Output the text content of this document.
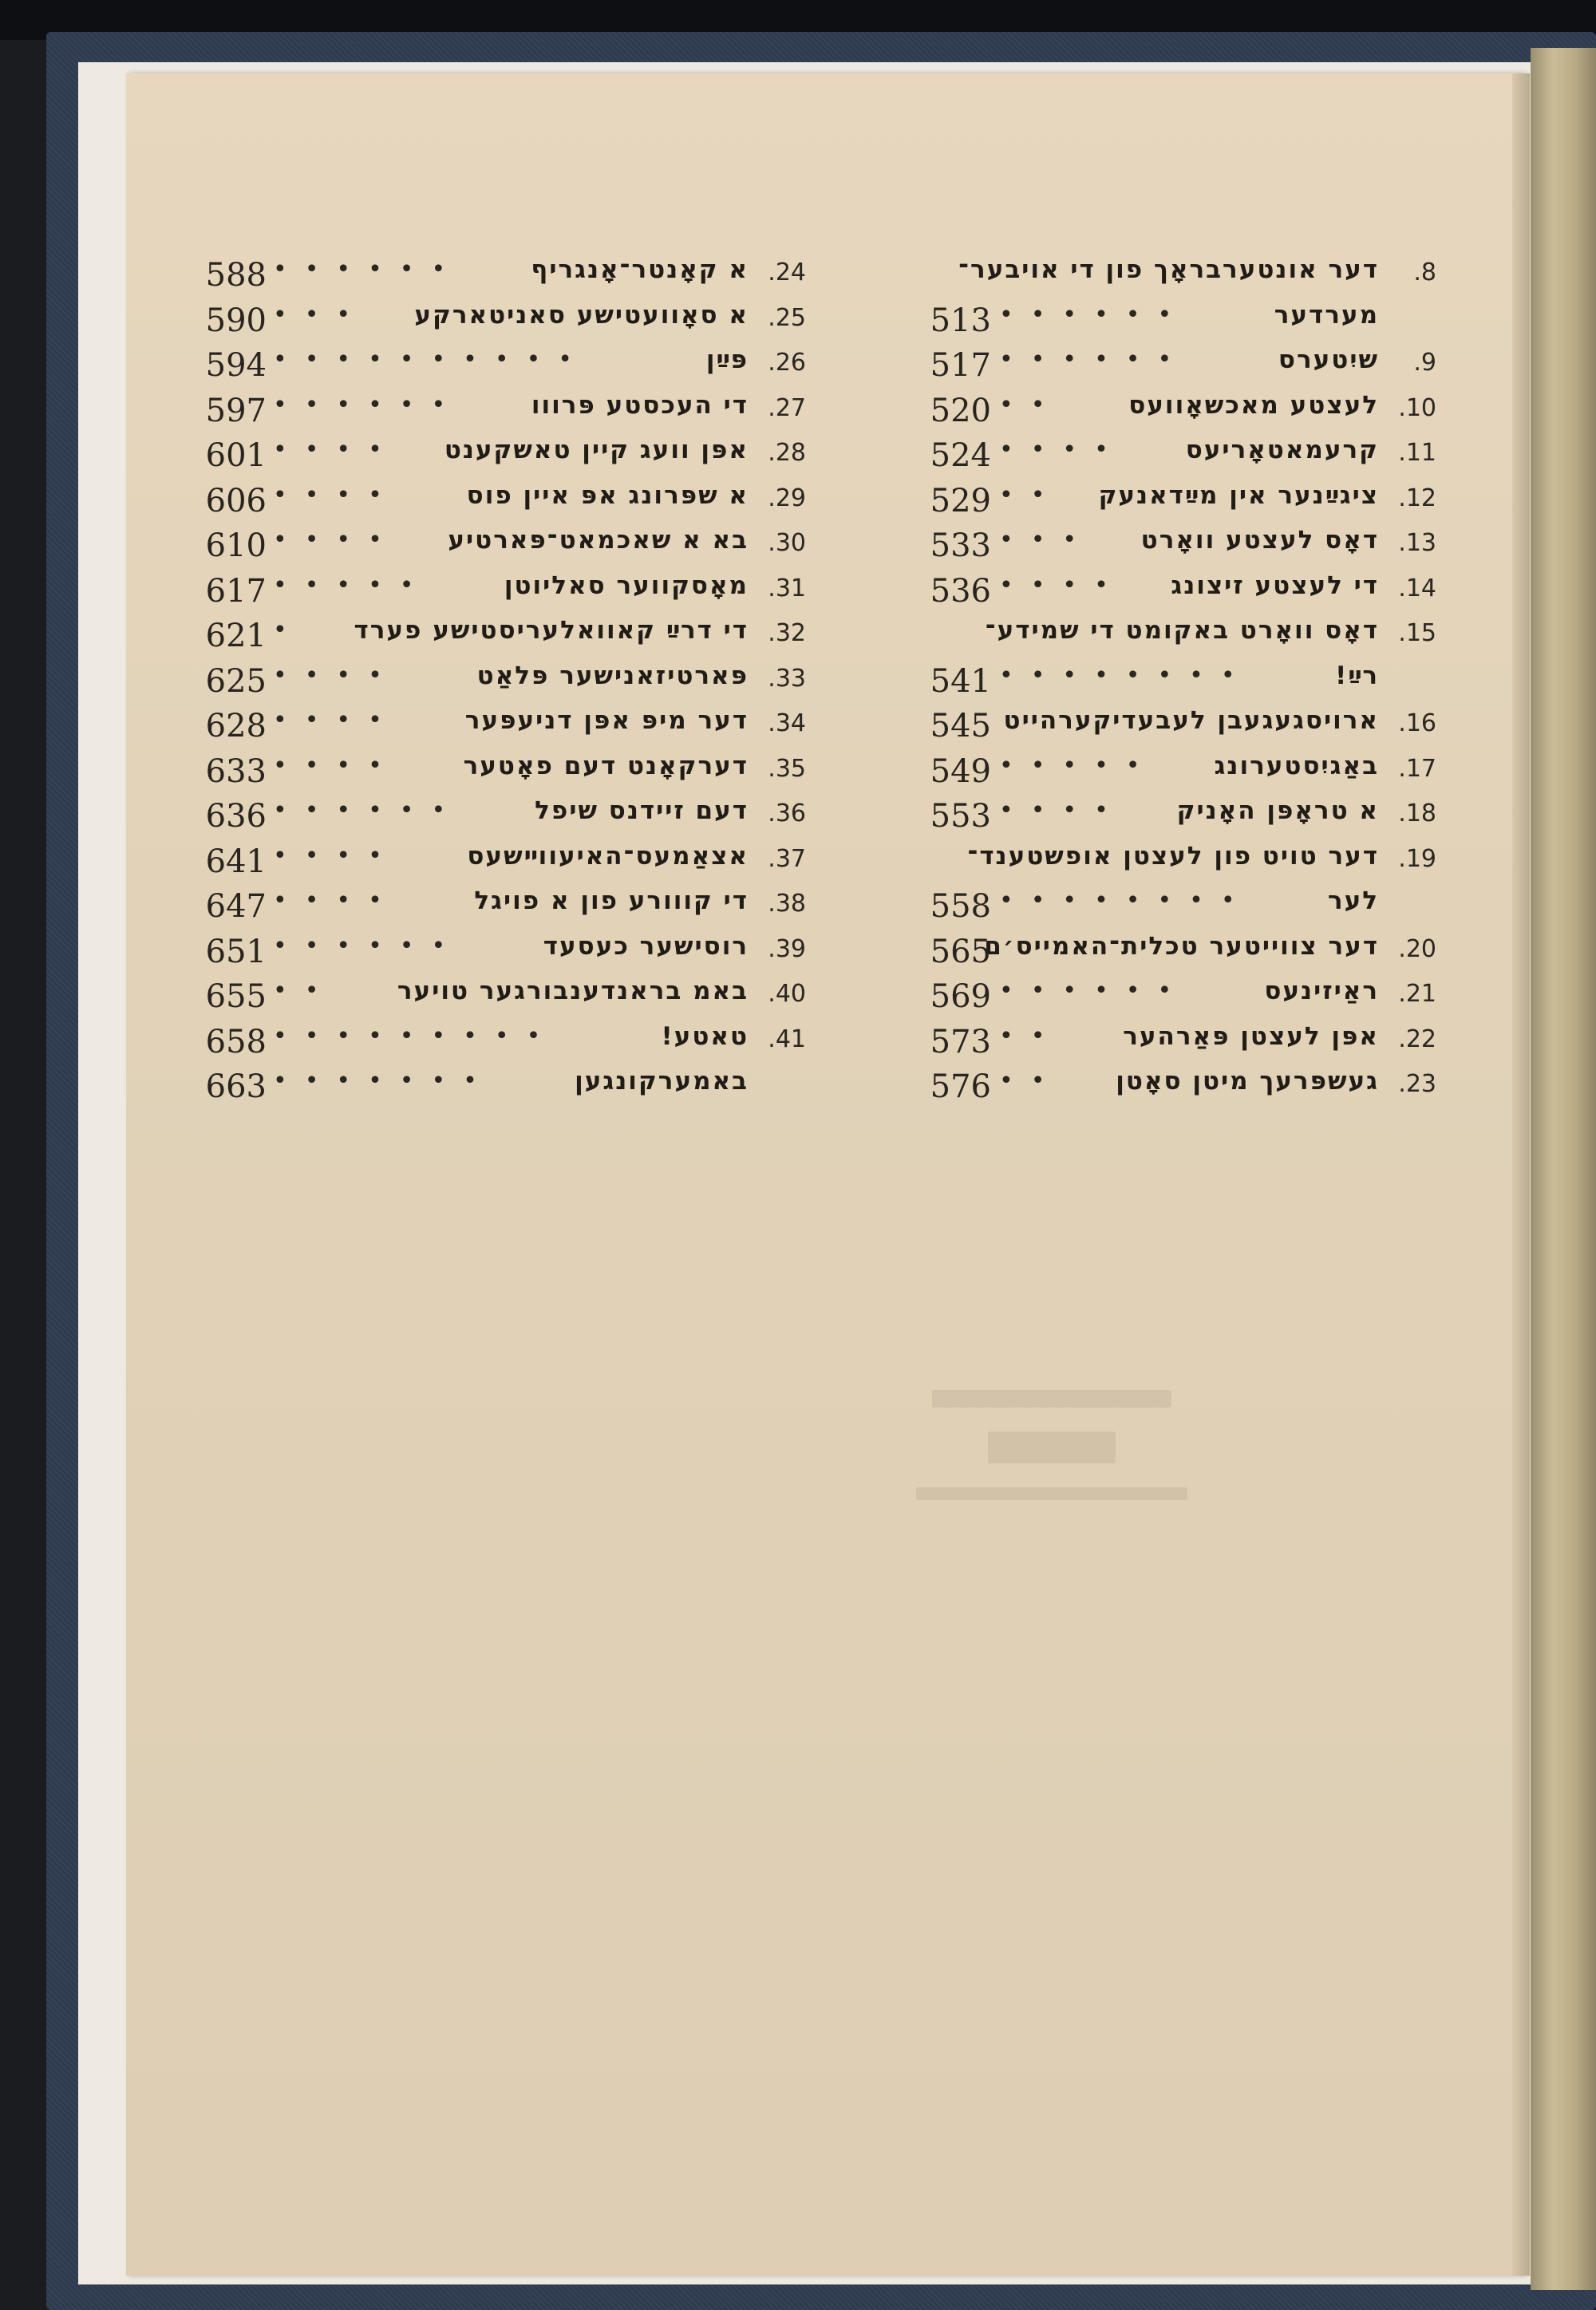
.8
דער אונטערבראָך פון די אויבער־
מערדער
513 ••••••
.9
שיִטערס
517 ••••••
.10
לעצטע מאכשאָוועס
520 ••
.11
קרעמאטאָריעס
524 ••••
.12
ציגײַנער אין מײַדאנעק
529 ••
.13
דאָס לעצטע וואָרט
533 •••
.14
די לעצטע זיצונג
536 ••••
.15
דאָס וואָרט באקומט די שמידע־
רײַ!
541 ••••••••
.16
ארויסגעגעבן לעבעדיקערהייט
545
.17
באַגיִסטערונג
549 •••••
.18
א טראָפּן האָניק
553 ••••
.19
דער טויט פון לעצטן אופשטענד־
לער
558 ••••••••
.20
דער צווייטער טכלית־האמייס׳ם
565
.21
ראַיזינעס
569 ••••••
.22
אפּן לעצטן פּאַרהער
573 ••
.23
געשפּרעך מיטן סאָטן
576 ••
.24
א קאָנטר־אָנגריף
588 ••••••
.25
א סאָוועטישע סאניטארקע
590 •••
.26
פּײַן
594 ••••••••••
.27
די העכסטע פּרווו
597 ••••••
.28
אפּן וועג קיין טאשקענט
601 ••••
.29
א שפּרונג אפּ איין פוס
606 ••••
.30
בא א שאכמאט־פּארטיע
610 ••••
.31
מאָסקווער סאליוטן
617 •••••
.32
די דרײַ קאוואלעריסטישע פערד
621 •
.33
פּארטיזאנישער פּלאַט
625 ••••
.34
דער מיפּ אפּן דניעפּער
628 ••••
.35
דערקאָנט דעם פאָטער
633 ••••
.36
דעם זיידנס שיפל
636 ••••••
.37
אצאַמעס־האיעווײשעס
641 ••••
.38
די קווורע פון א פויגל
647 ••••
.39
רוסישער כעסעד
651 ••••••
.40
באמ בראנדענבורגער טויער
655 ••
.41
טאטע!
658 •••••••••
באמערקונגען
663 •••••••
